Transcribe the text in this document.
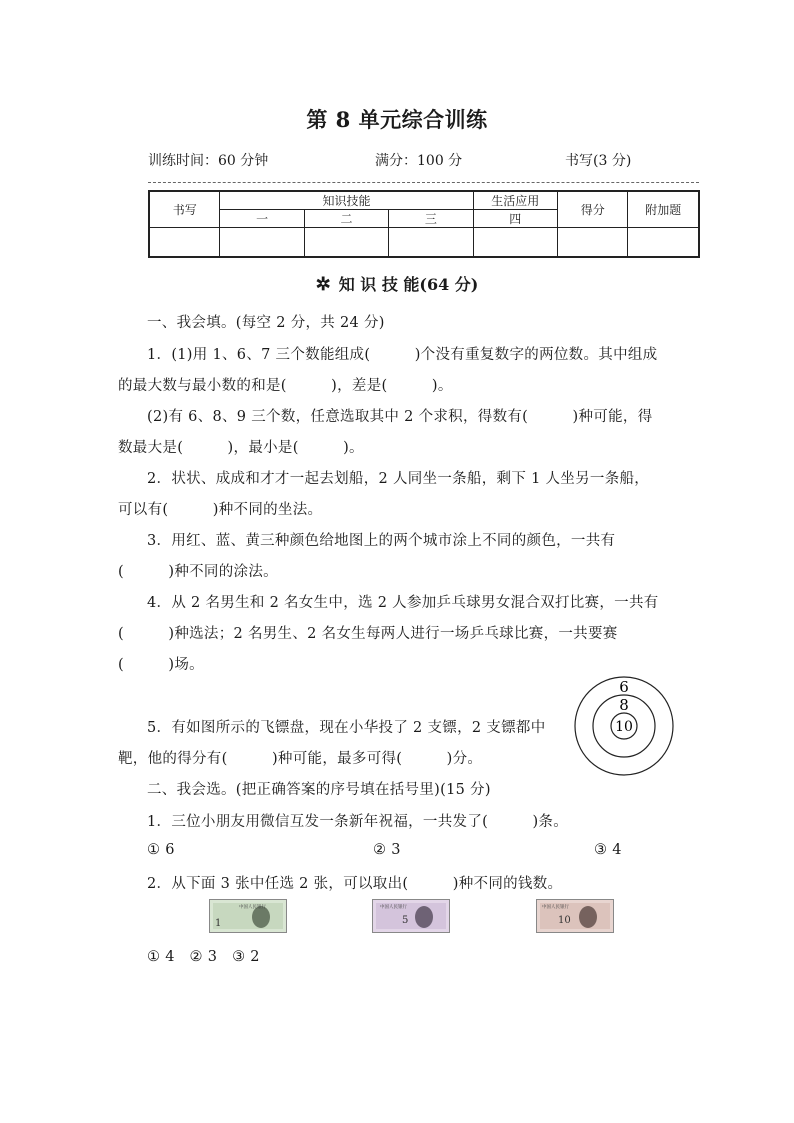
第 8 单元综合训练
训练时间：60 分钟	满分：100 分	书写(3 分)
书写	知识技能			生活应用	得分	附加题
	一	二	三	四		

✲ 知 识 技 能(64 分)
一、我会填。(每空 2 分，共 24 分)
1．(1)用 1、6、7 三个数能组成(　　　)个没有重复数字的两位数。其中组成
的最大数与最小数的和是(　　　)，差是(　　　)。
(2)有 6、8、9 三个数，任意选取其中 2 个求积，得数有(　　　)种可能，得
数最大是(　　　)，最小是(　　　)。
2．状状、成成和才才一起去划船，2 人同坐一条船，剩下 1 人坐另一条船，
可以有(　　　)种不同的坐法。
3．用红、蓝、黄三种颜色给地图上的两个城市涂上不同的颜色，一共有
(　　　)种不同的涂法。
4．从 2 名男生和 2 名女生中，选 2 人参加乒乓球男女混合双打比赛，一共有
(　　　)种选法；2 名男生、2 名女生每两人进行一场乒乓球比赛，一共要赛
(　　　)场。
5．有如图所示的飞镖盘，现在小华投了 2 支镖，2 支镖都中
靶，他的得分有(　　　)种可能，最多可得(　　　)分。
6
8
10
二、我会选。(把正确答案的序号填在括号里)(15 分)
1．三位小朋友用微信互发一条新年祝福，一共发了(　　　)条。
① 6	② 3	③ 4
2．从下面 3 张中任选 2 张，可以取出(　　　)种不同的钱数。
1
中国人民银行
5
中国人民银行
10
中国人民银行
① 4　② 3　③ 2
